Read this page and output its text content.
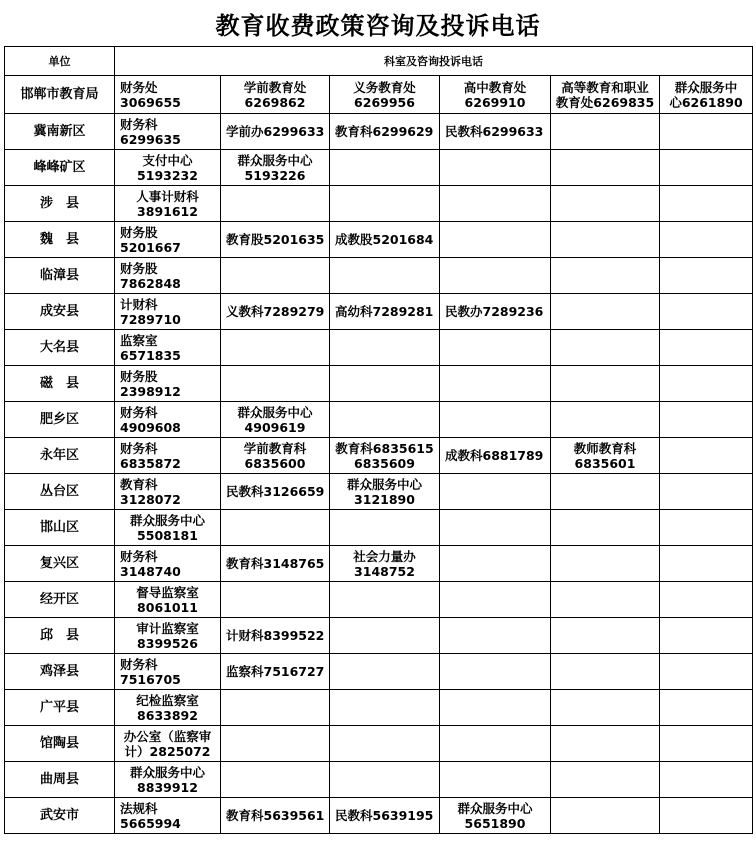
教育收费政策咨询及投诉电话
单位	科室及咨询投诉电话					
邯郸市教育局	财务处3069655	学前教育处
6269862	义务教育处
6269956	高中教育处
6269910	高等教育和职业
教育处6269835	群众服务中
心6261890

冀南新区	财务科6299635	学前办6299633	教育科6299629	民教科6299633		

峰峰矿区	支付中心
5193232	群众服务中心
5193226				

涉　县	人事计财科
3891612					

魏　县	财务股5201667	教育股5201635	成教股5201684			

临漳县	财务股7862848					

成安县	计财科7289710	义教科7289279	高幼科7289281	民教办7289236		

大名县	监察室6571835					

磁　县	财务股2398912					

肥乡区	财务科4909608	群众服务中心
4909619				

永年区	财务科6835872	学前教育科
6835600	教育科6835615
6835609	成教科6881789	教师教育科
6835601	

丛台区	教育科3128072	民教科3126659	群众服务中心
3121890			

邯山区	群众服务中心
5508181					

复兴区	财务科3148740	教育科3148765	社会力量办
3148752			

经开区	督导监察室
8061011					

邱　县	审计监察室
8399526	计财科8399522				

鸡泽县	财务科7516705	监察科7516727				

广平县	纪检监察室
8633892					

馆陶县	办公室（监察审
计）2825072					

曲周县	群众服务中心
8839912					

武安市	法规科5665994	教育科5639561	民教科5639195	群众服务中心
5651890		
